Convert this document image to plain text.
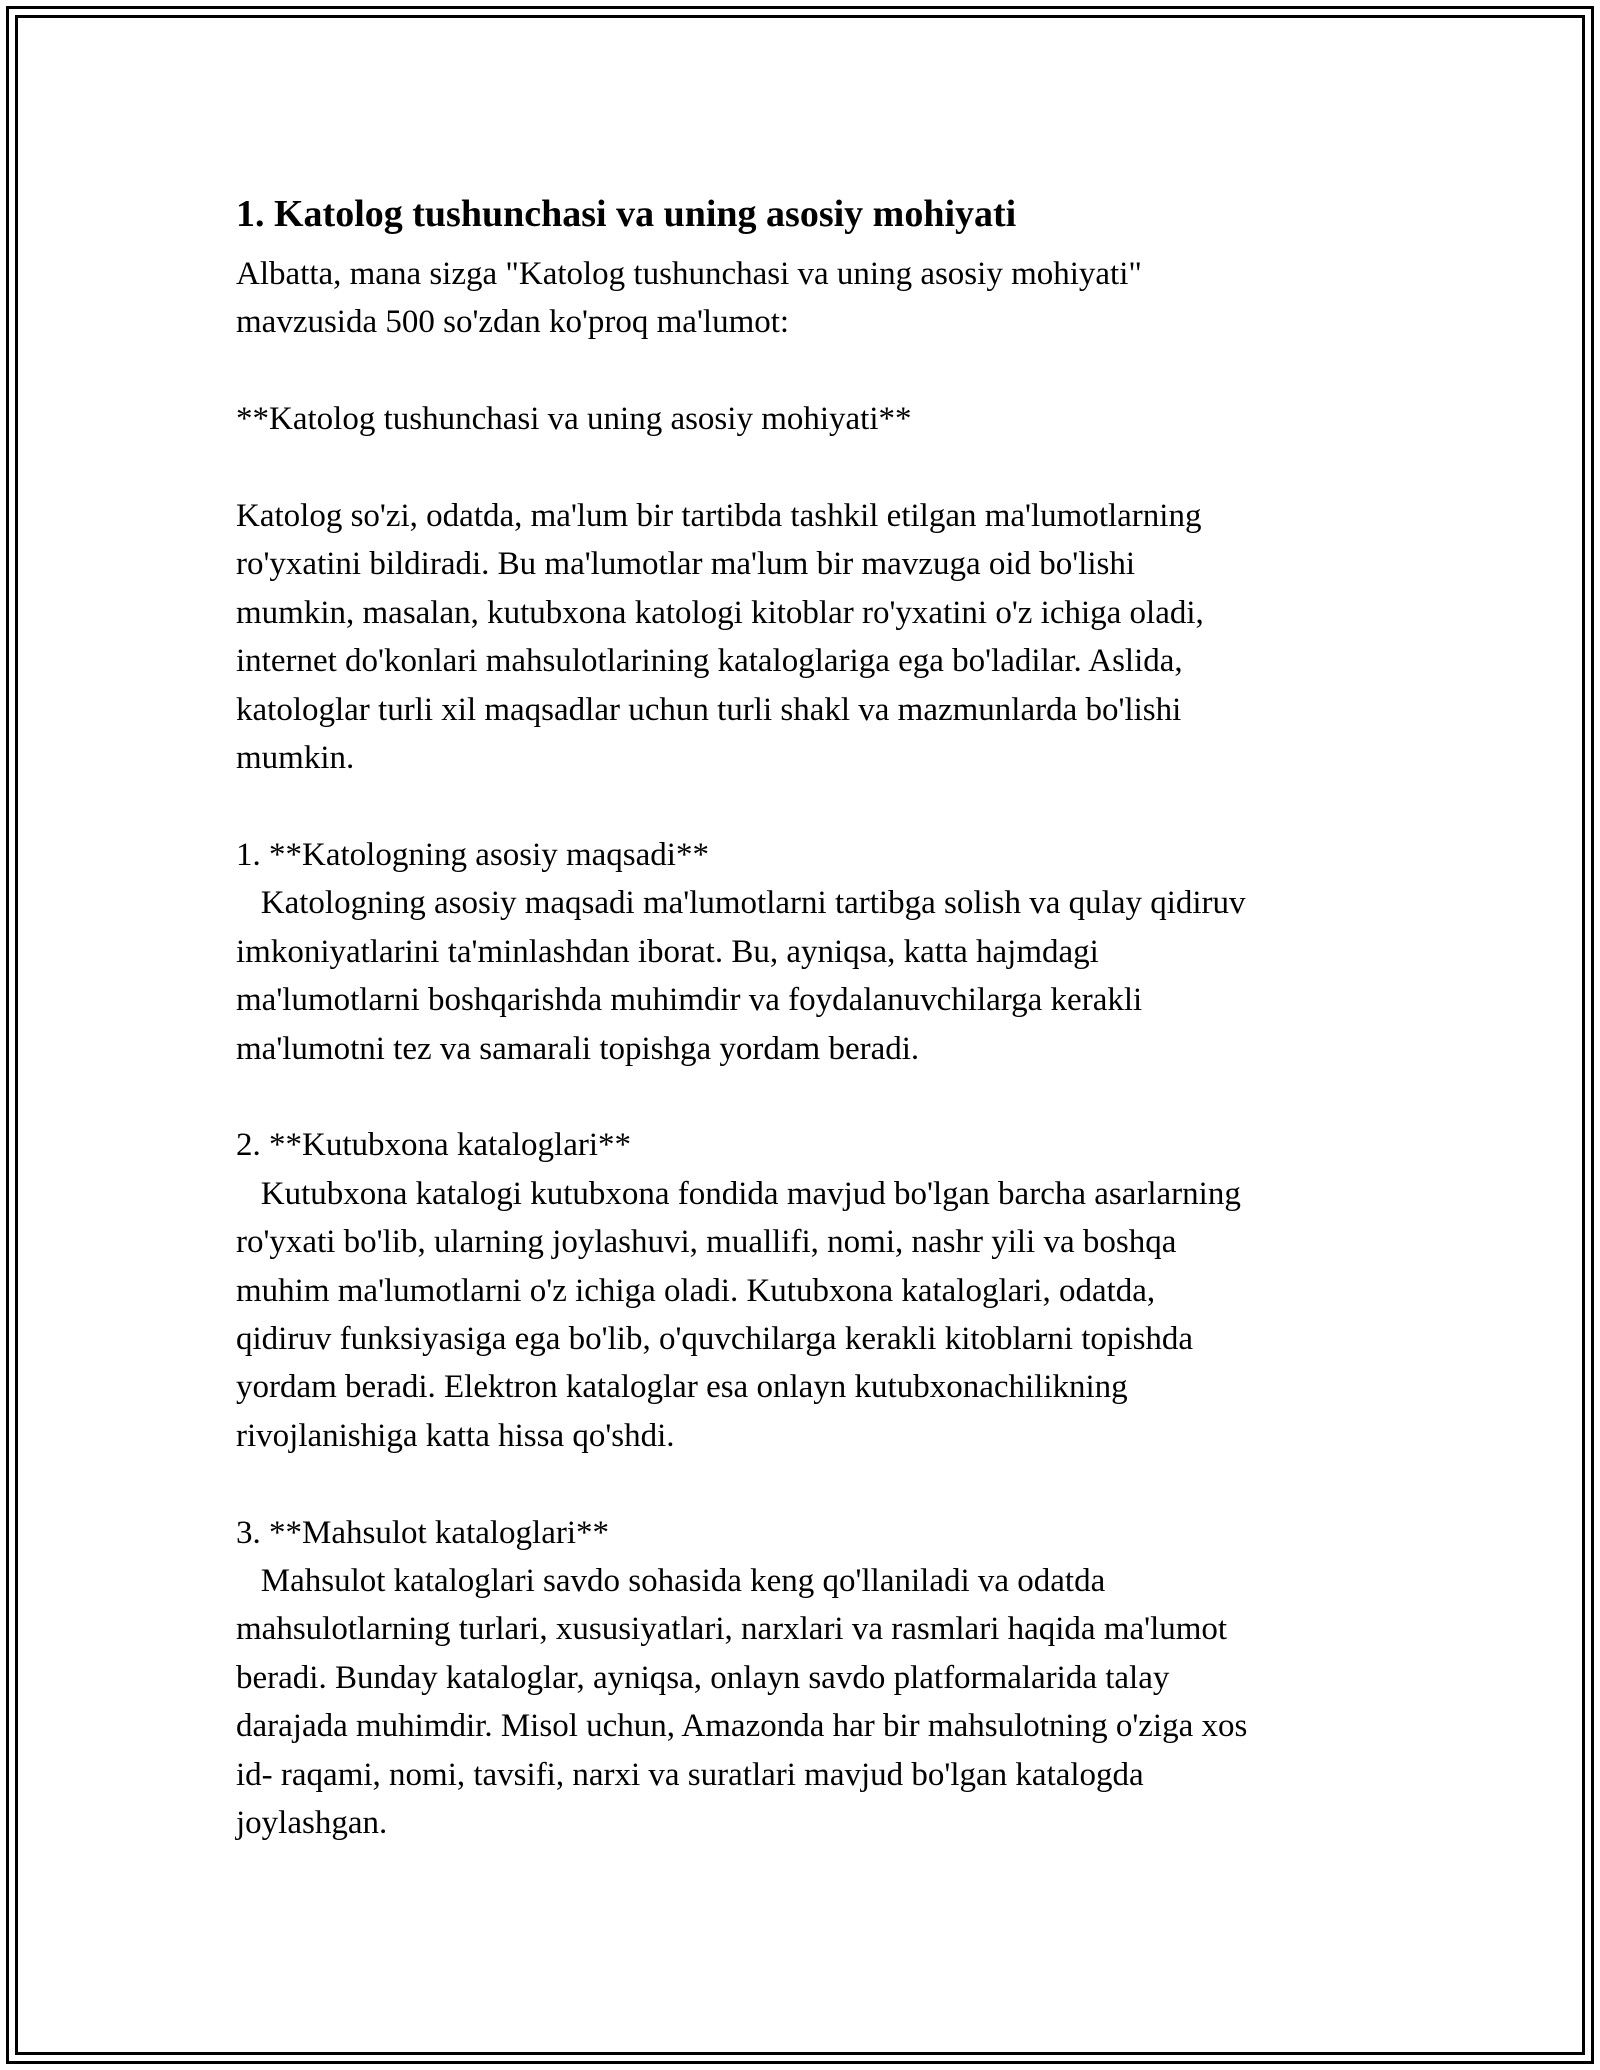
1. Katolog tushunchasi va uning asosiy mohiyati

Albatta, mana sizga "Katolog tushunchasi va uning asosiy mohiyati"
mavzusida 500 so'zdan ko'proq ma'lumot:

**Katolog tushunchasi va uning asosiy mohiyati**

Katolog so'zi, odatda, ma'lum bir tartibda tashkil etilgan ma'lumotlarning
ro'yxatini bildiradi. Bu ma'lumotlar ma'lum bir mavzuga oid bo'lishi
mumkin, masalan, kutubxona katologi kitoblar ro'yxatini o'z ichiga oladi,
internet do'konlari mahsulotlarining kataloglariga ega bo'ladilar. Aslida,
katologlar turli xil maqsadlar uchun turli shakl va mazmunlarda bo'lishi
mumkin.

1. **Katologning asosiy maqsadi**
Katologning asosiy maqsadi ma'lumotlarni tartibga solish va qulay qidiruv
imkoniyatlarini ta'minlashdan iborat. Bu, ayniqsa, katta hajmdagi
ma'lumotlarni boshqarishda muhimdir va foydalanuvchilarga kerakli
ma'lumotni tez va samarali topishga yordam beradi.

2. **Kutubxona kataloglari**
Kutubxona katalogi kutubxona fondida mavjud bo'lgan barcha asarlarning
ro'yxati bo'lib, ularning joylashuvi, muallifi, nomi, nashr yili va boshqa
muhim ma'lumotlarni o'z ichiga oladi. Kutubxona kataloglari, odatda,
qidiruv funksiyasiga ega bo'lib, o'quvchilarga kerakli kitoblarni topishda
yordam beradi. Elektron kataloglar esa onlayn kutubxonachilikning
rivojlanishiga katta hissa qo'shdi.

3. **Mahsulot kataloglari**
Mahsulot kataloglari savdo sohasida keng qo'llaniladi va odatda
mahsulotlarning turlari, xususiyatlari, narxlari va rasmlari haqida ma'lumot
beradi. Bunday kataloglar, ayniqsa, onlayn savdo platformalarida talay
darajada muhimdir. Misol uchun, Amazonda har bir mahsulotning o'ziga xos
id- raqami, nomi, tavsifi, narxi va suratlari mavjud bo'lgan katalogda
joylashgan.
